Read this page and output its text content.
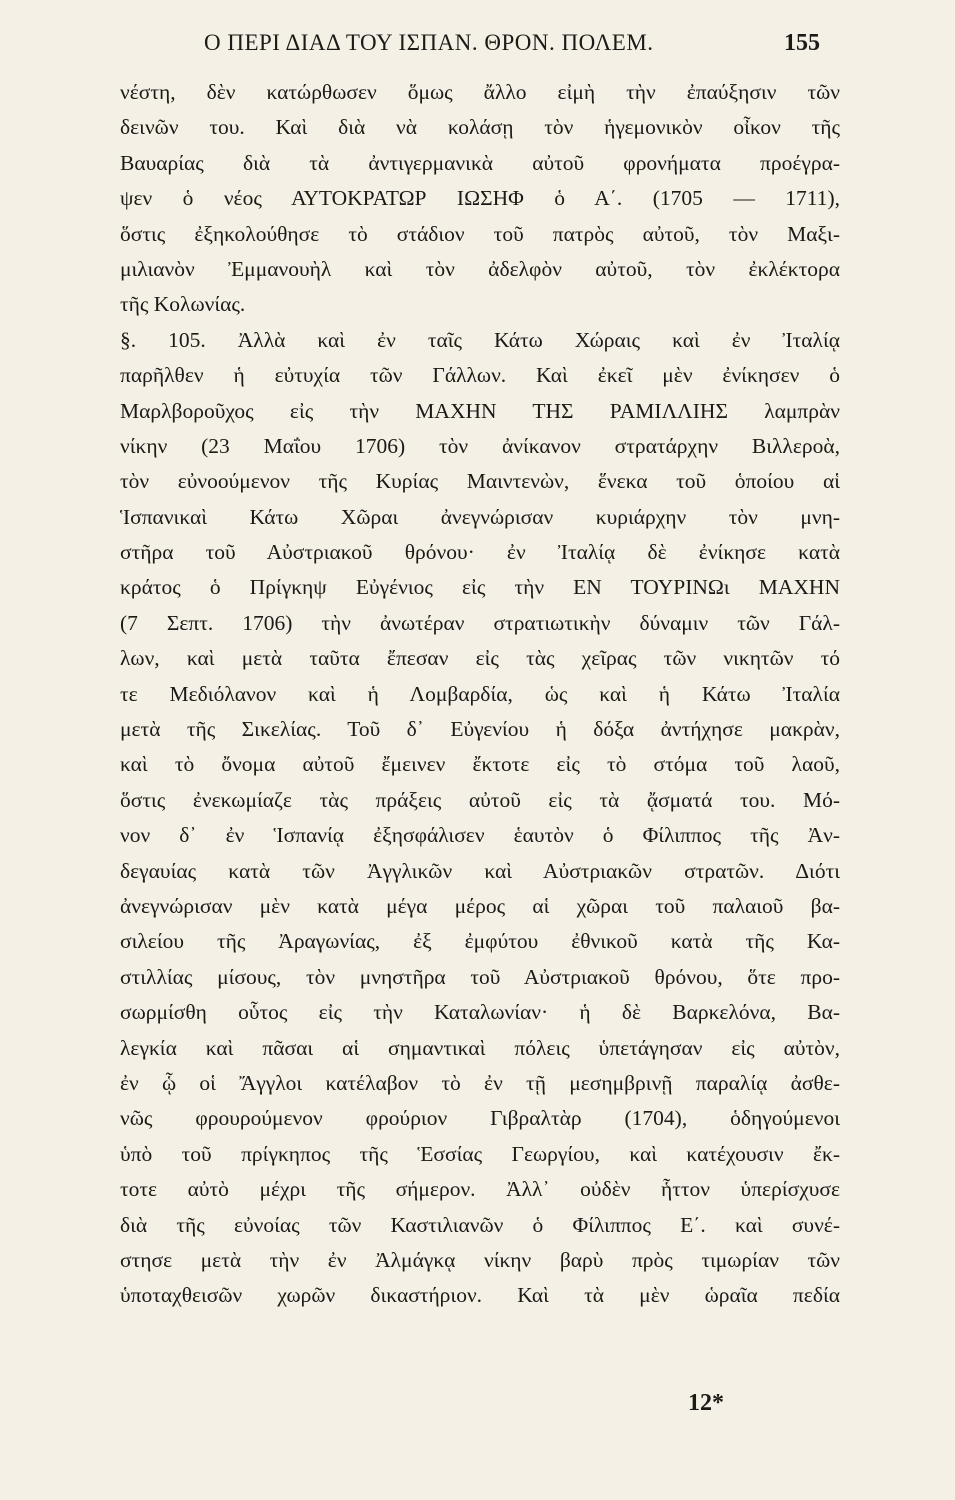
Ο ΠΕΡΙ ΔΙΑΔ ΤΟΥ ΙΣΠΑΝ. ΘΡΟΝ. ΠΟΛΕΜ.	155
νέστη, δὲν κατώρθωσεν ὅμως ἄλλο εἰμὴ τὴν ἐπαύξησιν τῶν
δεινῶν του. Καὶ διὰ νὰ κολάσῃ τὸν ἡγεμονικὸν οἶκον τῆς
Βαυαρίας διὰ τὰ ἀντιγερμανικὰ αὐτοῦ φρονήματα προέγρα-
ψεν ὁ νέος ΑΥΤΟΚΡΑΤΩΡ ΙΩΣΗΦ ὁ Α΄. (1705 — 1711),
ὅστις ἐξηκολούθησε τὸ στάδιον τοῦ πατρὸς αὐτοῦ, τὸν Μαξι-
μιλιανὸν Ἐμμανουὴλ καὶ τὸν ἀδελφὸν αὐτοῦ, τὸν ἐκλέκτορα
τῆς Κολωνίας.
§. 105. Ἀλλὰ καὶ ἐν ταῖς Κάτω Χώραις καὶ ἐν Ἰταλίᾳ
παρῆλθεν ἡ εὐτυχία τῶν Γάλλων. Καὶ ἐκεῖ μὲν ἐνίκησεν ὁ
Μαρλβοροῦχος εἰς τὴν ΜΑΧΗΝ ΤΗΣ ΡΑΜΙΛΛΙΗΣ λαμπρὰν
νίκην (23 Μαΐου 1706) τὸν ἀνίκανον στρατάρχην Βιλλεροὰ,
τὸν εὐνοούμενον τῆς Κυρίας Μαιντενὼν, ἕνεκα τοῦ ὁποίου αἱ
Ἱσπανικαὶ Κάτω Χῶραι ἀνεγνώρισαν κυριάρχην τὸν μνη-
στῆρα τοῦ Αὐστριακοῦ θρόνου· ἐν Ἰταλίᾳ δὲ ἐνίκησε κατὰ
κράτος ὁ Πρίγκηψ Εὐγένιος εἰς τὴν ΕΝ ΤΟΥΡΙΝΩι ΜΑΧΗΝ
(7 Σεπτ. 1706) τὴν ἀνωτέραν στρατιωτικὴν δύναμιν τῶν Γάλ-
λων, καὶ μετὰ ταῦτα ἔπεσαν εἰς τὰς χεῖρας τῶν νικητῶν τό
τε Μεδιόλανον καὶ ἡ Λομβαρδία, ὡς καὶ ἡ Κάτω Ἰταλία
μετὰ τῆς Σικελίας. Τοῦ δ᾽ Εὐγενίου ἡ δόξα ἀντήχησε μακρὰν,
καὶ τὸ ὄνομα αὐτοῦ ἔμεινεν ἔκτοτε εἰς τὸ στόμα τοῦ λαοῦ,
ὅστις ἐνεκωμίαζε τὰς πράξεις αὐτοῦ εἰς τὰ ᾄσματά του. Μό-
νον δ᾽ ἐν Ἱσπανίᾳ ἐξησφάλισεν ἑαυτὸν ὁ Φίλιππος τῆς Ἀν-
δεγαυίας κατὰ τῶν Ἀγγλικῶν καὶ Αὐστριακῶν στρατῶν. Διότι
ἀνεγνώρισαν μὲν κατὰ μέγα μέρος αἱ χῶραι τοῦ παλαιοῦ βα-
σιλείου τῆς Ἀραγωνίας, ἐξ ἐμφύτου ἐθνικοῦ κατὰ τῆς Κα-
στιλλίας μίσους, τὸν μνηστῆρα τοῦ Αὐστριακοῦ θρόνου, ὅτε προ-
σωρμίσθη οὗτος εἰς τὴν Καταλωνίαν· ἡ δὲ Βαρκελόνα, Βα-
λεγκία καὶ πᾶσαι αἱ σημαντικαὶ πόλεις ὑπετάγησαν εἰς αὐτὸν,
ἐν ᾧ οἱ Ἄγγλοι κατέλαβον τὸ ἐν τῇ μεσημβρινῇ παραλίᾳ ἀσθε-
νῶς φρουρούμενον φρούριον Γιβραλτὰρ (1704), ὁδηγούμενοι
ὑπὸ τοῦ πρίγκηπος τῆς Ἑσσίας Γεωργίου, καὶ κατέχουσιν ἔκ-
τοτε αὐτὸ μέχρι τῆς σήμερον. Ἀλλ᾽ οὐδὲν ἧττον ὑπερίσχυσε
διὰ τῆς εὐνοίας τῶν Καστιλιανῶν ὁ Φίλιππος Ε΄. καὶ συνέ-
στησε μετὰ τὴν ἐν Ἀλμάγκᾳ νίκην βαρὺ πρὸς τιμωρίαν τῶν
ὑποταχθεισῶν χωρῶν δικαστήριον. Καὶ τὰ μὲν ὡραῖα πεδία
12*
